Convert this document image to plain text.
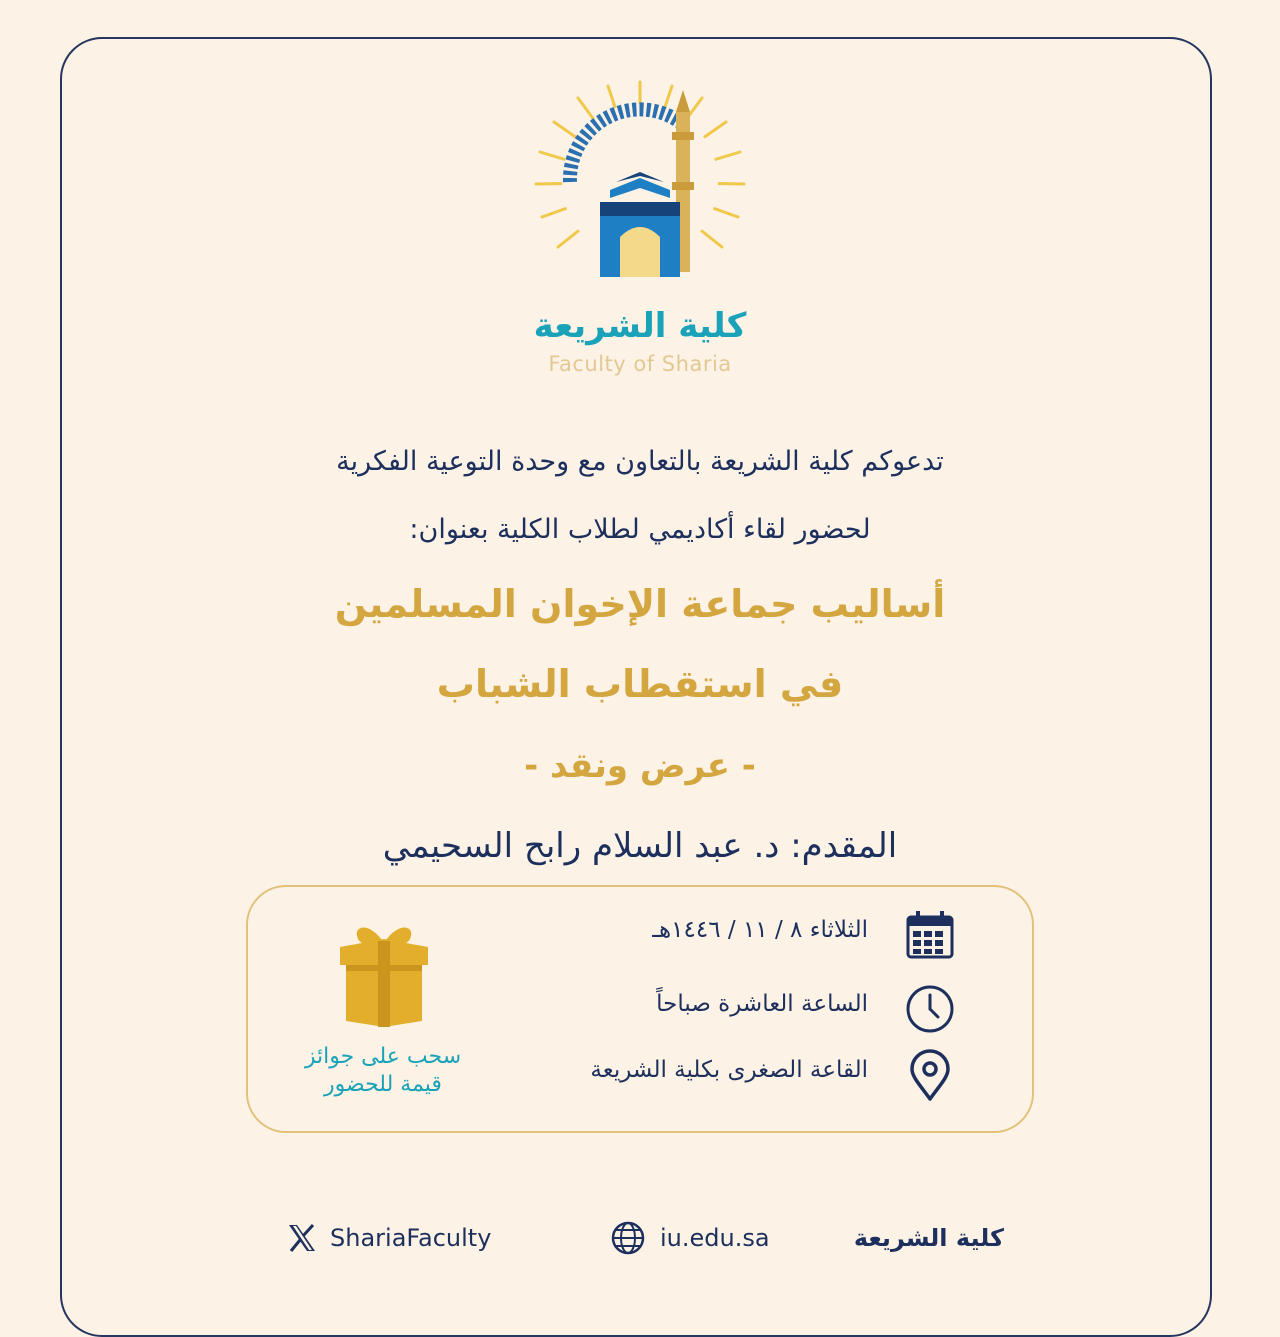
كلية الشريعة
Faculty of Sharia
تدعوكم كلية الشريعة بالتعاون مع وحدة التوعية الفكرية
لحضور لقاء أكاديمي لطلاب الكلية بعنوان:
أساليب جماعة الإخوان المسلمين
في استقطاب الشباب
- عرض ونقد -
المقدم: د. عبد السلام رابح السحيمي
الثلاثاء ٨ / ١١ / ١٤٤٦هـ
الساعة العاشرة صباحاً
القاعة الصغرى بكلية الشريعة
سحب على جوائز
قيمة للحضور
ShariaFaculty	iu.edu.sa	كلية الشريعة
